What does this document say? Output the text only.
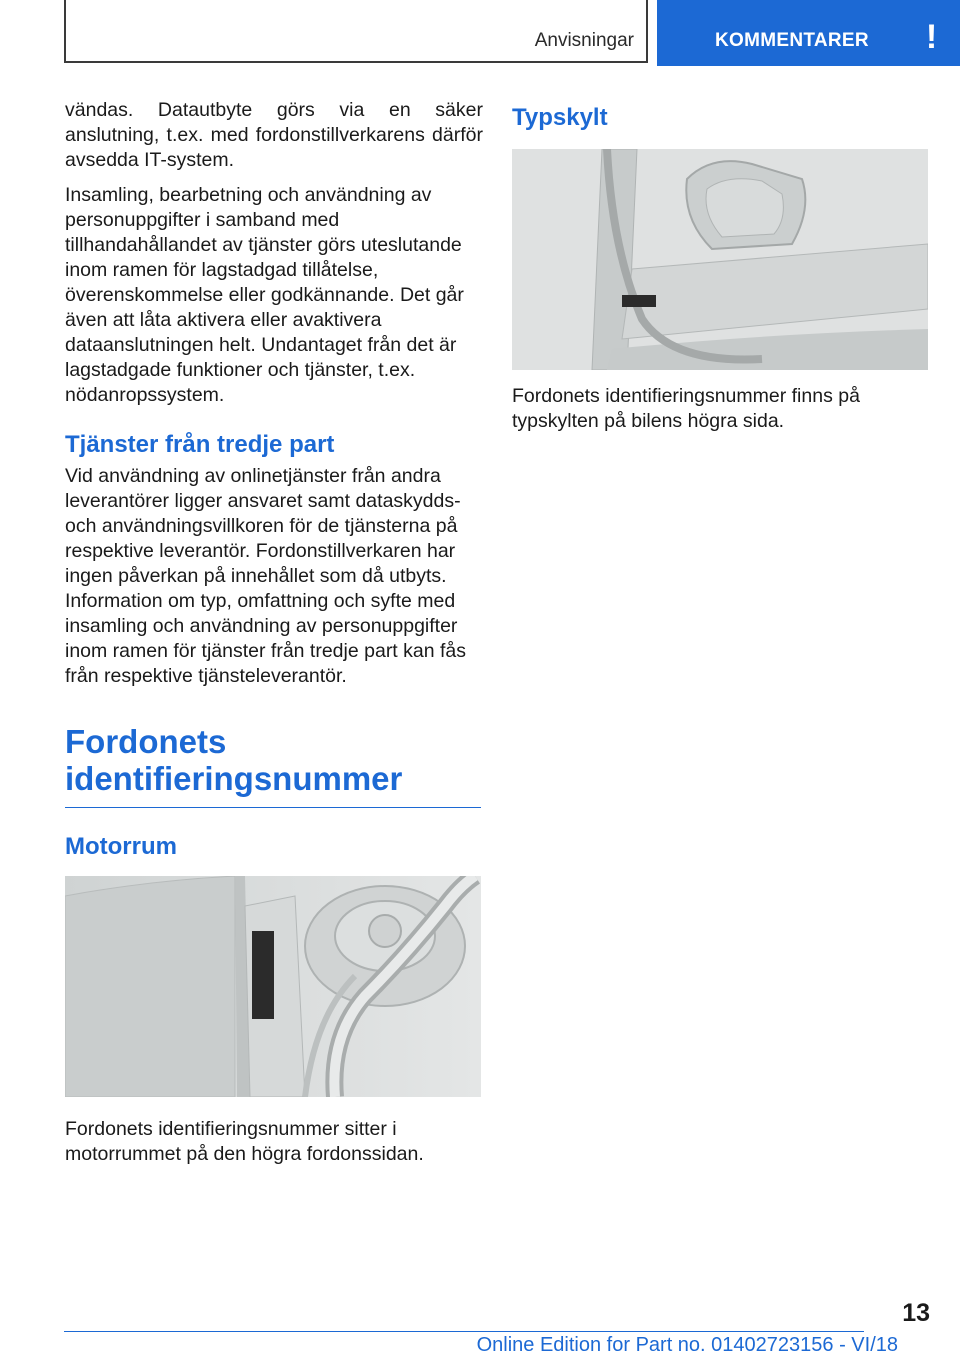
Anvisningar	KOMMENTARER	!

vändas. Datautbyte görs via en säker anslutning, t.ex. med fordonstillverkarens därför avsedda IT-system.

Insamling, bearbetning och användning av personuppgifter i samband med tillhandahållandet av tjänster görs uteslutande inom ramen för lagstadgad tillåtelse, överenskommelse eller godkännande. Det går även att låta aktivera eller avaktivera dataanslutningen helt. Undantaget från det är lagstadgade funktioner och tjänster, t.ex. nödanropssystem.

Tjänster från tredje part

Vid användning av onlinetjänster från andra leverantörer ligger ansvaret samt dataskydds- och användningsvillkoren för de tjänsterna på respektive leverantör. Fordonstillverkaren har ingen påverkan på innehållet som då utbyts. Information om typ, omfattning och syfte med insamling och användning av personuppgifter inom ramen för tjänster från tredje part kan fås från respektive tjänsteleverantör.

Fordonets
identifieringsnummer
Motorrum

Fordonets identifieringsnummer sitter i motorrummet på den högra fordonssidan.

Typskylt

Fordonets identifieringsnummer finns på typskylten på bilens högra sida.

13
Online Edition for Part no. 01402723156 - VI/18
